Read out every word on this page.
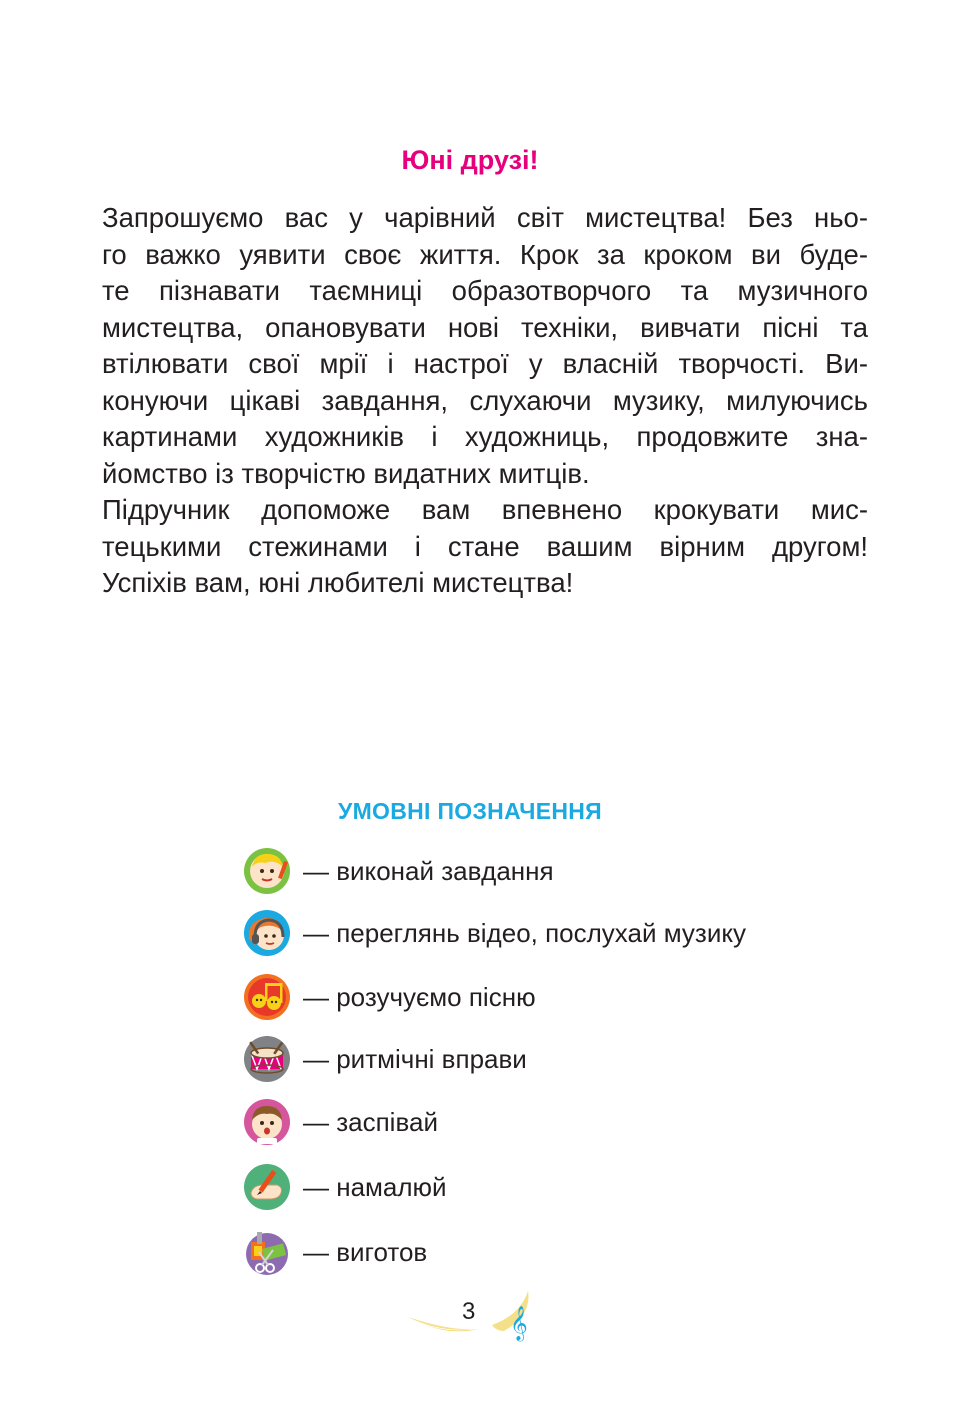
Юні друзі!

Запрошуємо вас у чарівний світ мистецтва! Без ньо-
го важко уявити своє життя. Крок за кроком ви буде-
те пізнавати таємниці образотворчого та музичного
мистецтва, опановувати нові техніки, вивчати пісні та
втілювати свої мрії і настрої у власній творчості. Ви-
конуючи цікаві завдання, слухаючи музику, милуючись
картинами художників і художниць, продовжите зна-
йомство із творчістю видатних митців.

Підручник допоможе вам впевнено крокувати мис-
тецькими стежинами і стане вашим вірним другом!
Успіхів вам, юні любителі мистецтва!

УМОВНІ ПОЗНАЧЕННЯ
— виконай завдання
— переглянь відео, послухай музику
— розучуємо пісню
— ритмічні вправи
— заспівай
— намалюй
— виготов
𝄞
3
